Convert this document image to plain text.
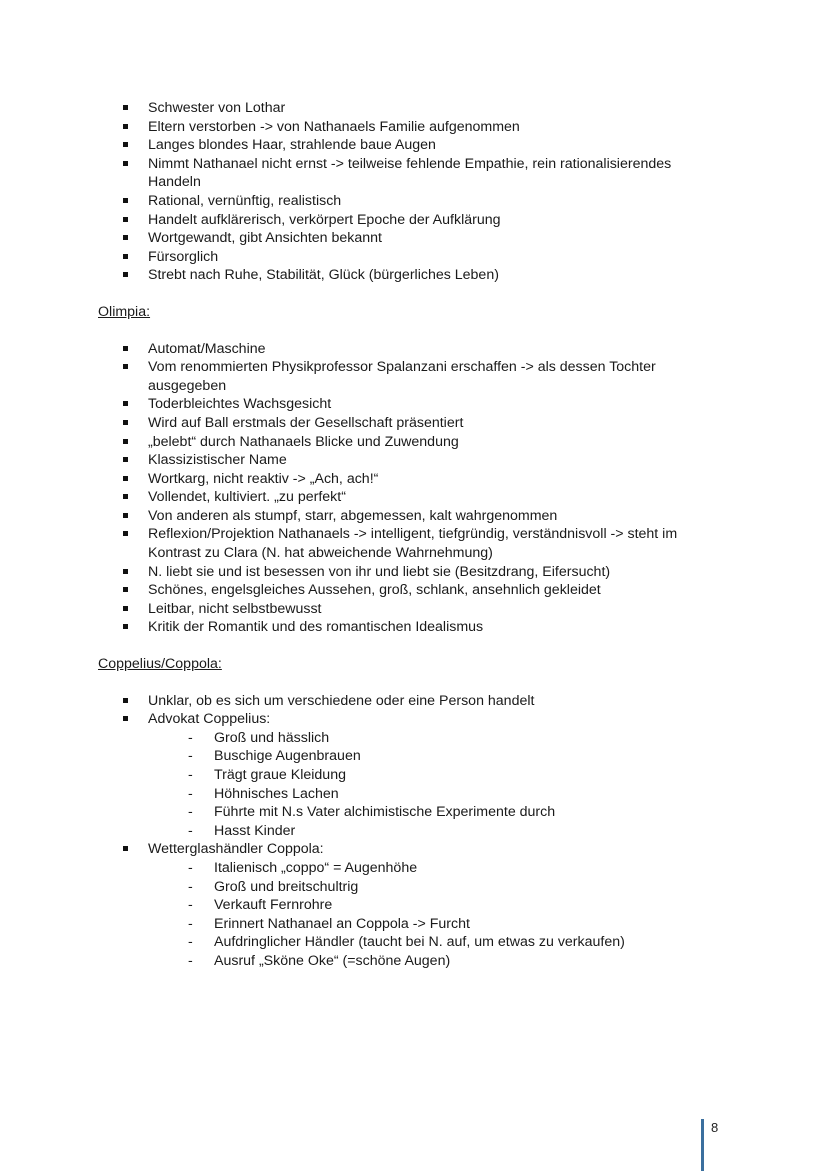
Schwester von Lothar
Eltern verstorben -> von Nathanaels Familie aufgenommen
Langes blondes Haar, strahlende baue Augen
Nimmt Nathanael nicht ernst -> teilweise fehlende Empathie, rein rationalisierendes Handeln
Rational, vernünftig, realistisch
Handelt aufklärerisch, verkörpert Epoche der Aufklärung
Wortgewandt, gibt Ansichten bekannt
Fürsorglich
Strebt nach Ruhe, Stabilität, Glück (bürgerliches Leben)

Olimpia:

Automat/Maschine
Vom renommierten Physikprofessor Spalanzani erschaffen -> als dessen Tochter ausgegeben
Toderbleichtes Wachsgesicht
Wird auf Ball erstmals der Gesellschaft präsentiert
„belebt“ durch Nathanaels Blicke und Zuwendung
Klassizistischer Name
Wortkarg, nicht reaktiv -> „Ach, ach!“
Vollendet, kultiviert. „zu perfekt“
Von anderen als stumpf, starr, abgemessen, kalt wahrgenommen
Reflexion/Projektion Nathanaels -> intelligent, tiefgründig, verständnisvoll -> steht im Kontrast zu Clara (N. hat abweichende Wahrnehmung)
N. liebt sie und ist besessen von ihr und liebt sie (Besitzdrang, Eifersucht)
Schönes, engelsgleiches Aussehen, groß, schlank, ansehnlich gekleidet
Leitbar, nicht selbstbewusst
Kritik der Romantik und des romantischen Idealismus

Coppelius/Coppola:

Unklar, ob es sich um verschiedene oder eine Person handelt
Advokat Coppelius:
- Groß und hässlich
- Buschige Augenbrauen
- Trägt graue Kleidung
- Höhnisches Lachen
- Führte mit N.s Vater alchimistische Experimente durch
- Hasst Kinder
Wetterglashändler Coppola:
- Italienisch „coppo“ = Augenhöhe
- Groß und breitschultrig
- Verkauft Fernrohre
- Erinnert Nathanael an Coppola -> Furcht
- Aufdringlicher Händler (taucht bei N. auf, um etwas zu verkaufen)
- Ausruf „Sköne Oke“ (=schöne Augen)
8
